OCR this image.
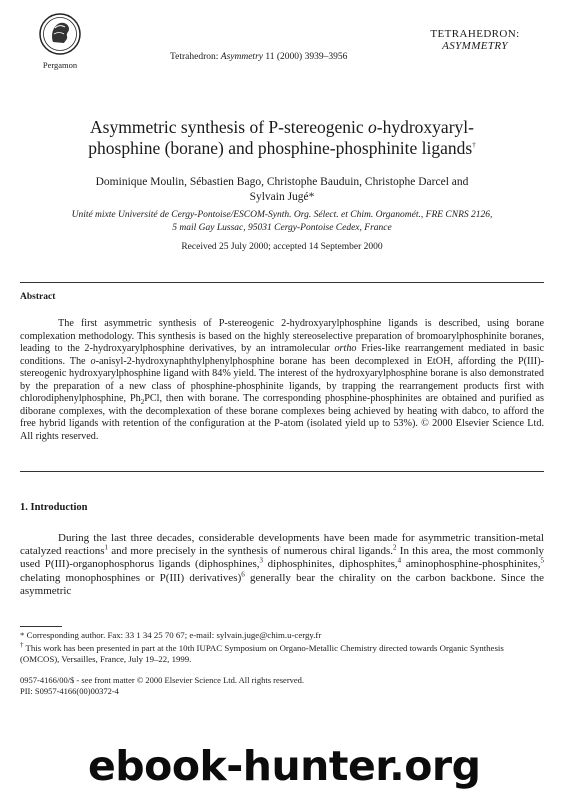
Pergamon
Tetrahedron: Asymmetry 11 (2000) 3939–3956
TETRAHEDRON:
ASYMMETRY
Asymmetric synthesis of P-stereogenic o-hydroxyaryl-
phosphine (borane) and phosphine-phosphinite ligands†
Dominique Moulin, Sébastien Bago, Christophe Bauduin, Christophe Darcel and
Sylvain Jugé*
Unité mixte Université de Cergy-Pontoise/ESCOM-Synth. Org. Sélect. et Chim. Organomét., FRE CNRS 2126,
5 mail Gay Lussac, 95031 Cergy-Pontoise Cedex, France
Received 25 July 2000; accepted 14 September 2000
Abstract
The first asymmetric synthesis of P-stereogenic 2-hydroxyarylphosphine ligands is described, using borane complexation methodology. This synthesis is based on the highly stereoselective preparation of bromoarylphosphinite boranes, leading to the 2-hydroxyarylphosphine derivatives, by an intramolecular ortho Fries-like rearrangement mediated in basic conditions. The o-anisyl-2-hydroxynaphthylphenylphosphine borane has been decomplexed in EtOH, affording the P(III)-stereogenic hydroxyarylphosphine ligand with 84% yield. The interest of the hydroxyarylphosphine borane is also demonstrated by the preparation of a new class of phosphine-phosphinite ligands, by trapping the rearrangement products first with chlorodiphenylphosphine, $Ph_2PCl$, then with borane. The corresponding phosphine-phosphinites are obtained and purified as diborane complexes, with the decomplexation of these borane complexes being achieved by heating with dabco, to afford the free hybrid ligands with retention of the configuration at the P-atom (isolated yield up to 53%). © 2000 Elsevier Science Ltd. All rights reserved.
1. Introduction
During the last three decades, considerable developments have been made for asymmetric transition-metal catalyzed reactions$^1$ and more precisely in the synthesis of numerous chiral ligands.$^2$ In this area, the most commonly used P(III)-organophosphorus ligands (diphosphines,$^3$ diphosphinites, diphosphites,$^4$ aminophosphine-phosphinites,$^5$ chelating monophosphines or P(III) derivatives)$^6$ generally bear the chirality on the carbon backbone. Since the asymmetric
* Corresponding author. Fax: 33 1 34 25 70 67; e-mail: sylvain.juge@chim.u-cergy.fr
† This work has been presented in part at the 10th IUPAC Symposium on Organo-Metallic Chemistry directed towards Organic Synthesis (OMCOS), Versailles, France, July 19–22, 1999.
0957-4166/00/$ - see front matter © 2000 Elsevier Science Ltd. All rights reserved.
PII: S0957-4166(00)00372-4
ebook-hunter.org
